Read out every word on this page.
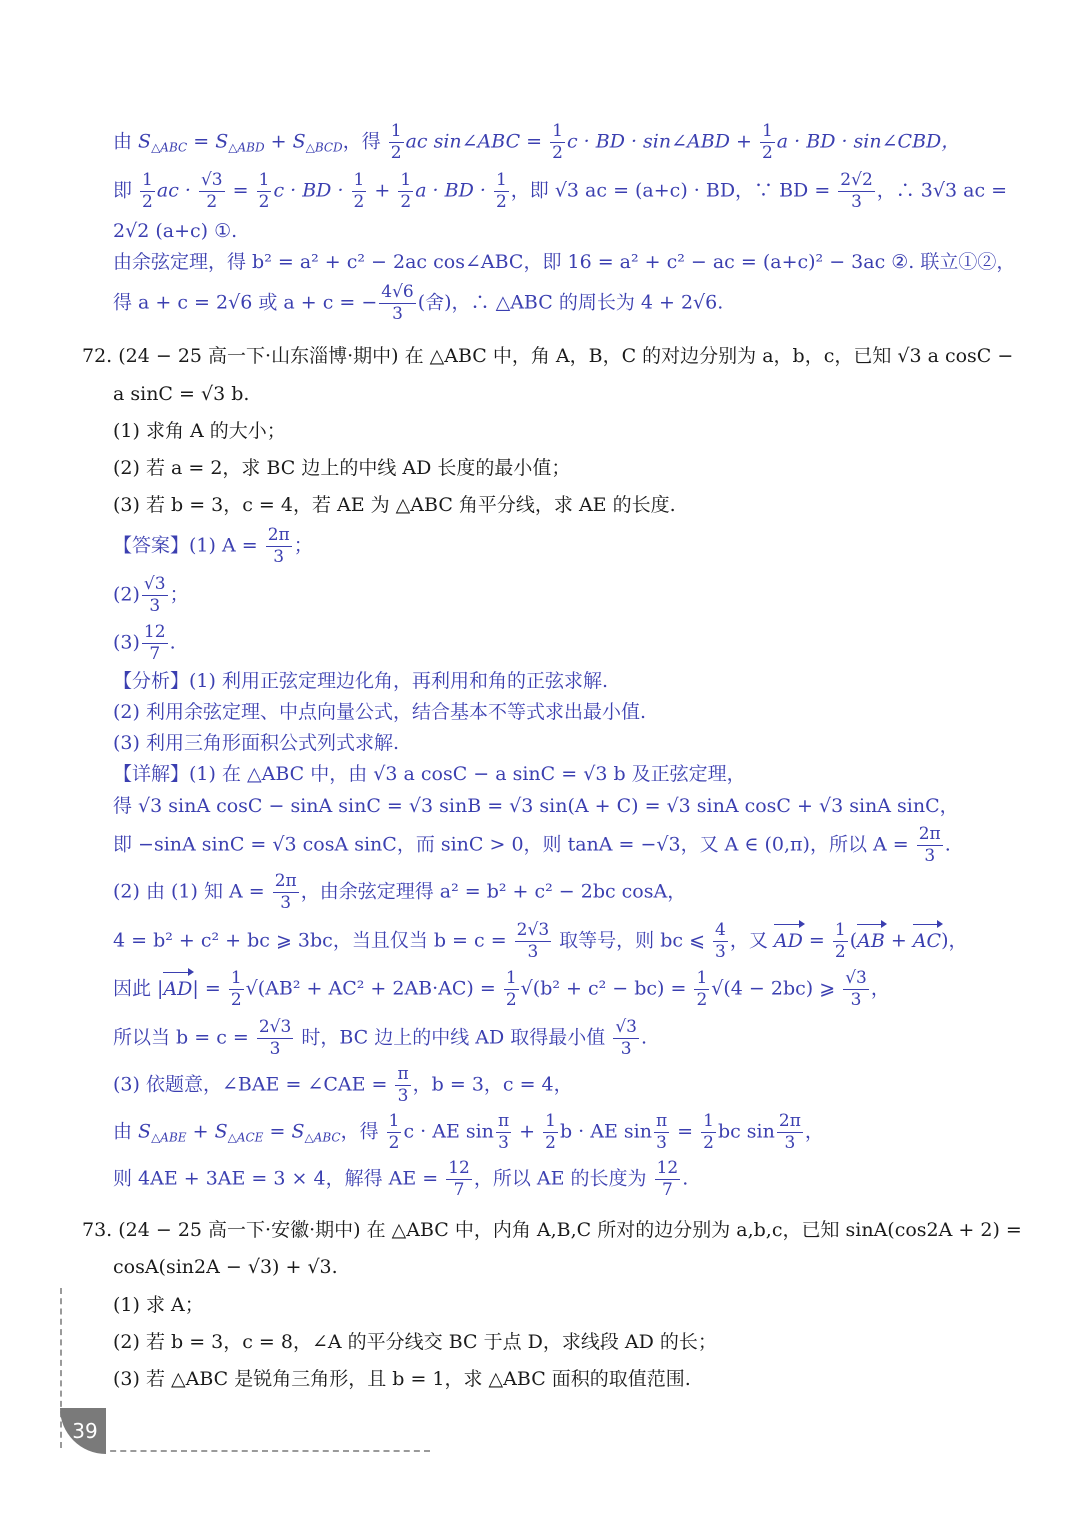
由 $S_{\triangle ABC} = S_{\triangle ABD} + S_{\triangle BCD}$，得 $\frac{1}{2}$ ac sin∠ABC = $\frac{1}{2}$ c · BD · sin∠ABD + $\frac{1}{2}$ a · BD · sin∠CBD，
即 $\frac{1}{2}$ ac · $\frac{√3}{2} = \frac{1}{2}$ c · BD · $\frac{1}{2} + \frac{1}{2}$ a · BD · $\frac{1}{2}$ ，即 √3 ac = (a+c) · BD，∵ BD = $\frac{2√2}{3}$ ，∴ 3√3 ac =
2√2 (a+c) ①.
由余弦定理，得 b² = a² + c² − 2ac cos∠ABC，即 16 = a² + c² − ac = (a+c)² − 3ac ②. 联立①②，
得 a + c = 2√6 或 a + c = − $\frac{4√6}{3}$ (舍)，∴ △ABC 的周长为 4 + 2√6.
72. (24 − 25 高一下·山东淄博·期中) 在 △ABC 中，角 A，B，C 的对边分别为 a，b，c，已知 √3 a cosC −
a sinC = √3 b.
(1) 求角 A 的大小；
(2) 若 a = 2，求 BC 边上的中线 AD 长度的最小值；
(3) 若 b = 3，c = 4，若 AE 为 △ABC 角平分线，求 AE 的长度.
【答案】(1) $A = \frac{2\pi}{3}$ ；
$(2) \frac{√3}{3}$ ；
$(3) \frac{12}{7}$ .
【分析】(1) 利用正弦定理边化角，再利用和角的正弦求解.
(2) 利用余弦定理、中点向量公式，结合基本不等式求出最小值.
(3) 利用三角形面积公式列式求解.
【详解】(1) 在 △ABC 中，由 √3 a cosC − a sinC = √3 b 及正弦定理，
得 √3 sinA cosC − sinA sinC = √3 sinB = √3 sin(A + C) = √3 sinA cosC + √3 sinA sinC，
即 −sinA sinC = √3 cosA sinC，而 sinC > 0，则 tanA = −√3，又 A ∈ (0,π)，所以 $A = \frac{2\pi}{3}$ .
(2) 由 (1) 知 $A = \frac{2\pi}{3}$ ，由余弦定理得 a² = b² + c² − 2bc cosA，
4 = b² + c² + bc ⩾ 3bc，当且仅当 $b = c = \frac{2√3}{3}$ 取等号，则 bc ⩽ $\frac{4}{3}$ ，又 AD = $\frac{1}{2} (AB + AC)$，
因此 $|AD| = \frac{1}{2} √(AB^2 + AC^2 + 2AB\cdot AC) = \frac{1}{2} √(b^2 + c^2 - bc) = \frac{1}{2} √(4 - 2bc)$ ⩾ $\frac{√3}{3}$ ，
所以当 $b = c = \frac{2√3}{3}$ 时，BC 边上的中线 AD 取得最小值 $\frac{√3}{3}$ .
(3) 依题意，∠BAE = ∠CAE = $\frac{\pi}{3}$ ，b = 3，c = 4，
由 $S_{\triangle ABE} + S_{\triangle ACE} = S_{\triangle ABC}$，得 $\frac{1}{2}$ c · AE $\sin \frac{\pi}{3} + \frac{1}{2}$ b · AE $\sin \frac{\pi}{3} = \frac{1}{2}$ bc $\sin \frac{2\pi}{3}$ ，
则 4AE + 3AE = 3 × 4，解得 AE = $\frac{12}{7}$ ，所以 AE 的长度为 $\frac{12}{7}$ .
73. (24 − 25 高一下·安徽·期中) 在 △ABC 中，内角 A,B,C 所对的边分别为 a,b,c，已知 sinA(cos2A + 2) =
cosA(sin2A − √3) + √3.
(1) 求 A；
(2) 若 b = 3，c = 8，∠A 的平分线交 BC 于点 D，求线段 AD 的长；
(3) 若 △ABC 是锐角三角形，且 b = 1，求 △ABC 面积的取值范围.
39
